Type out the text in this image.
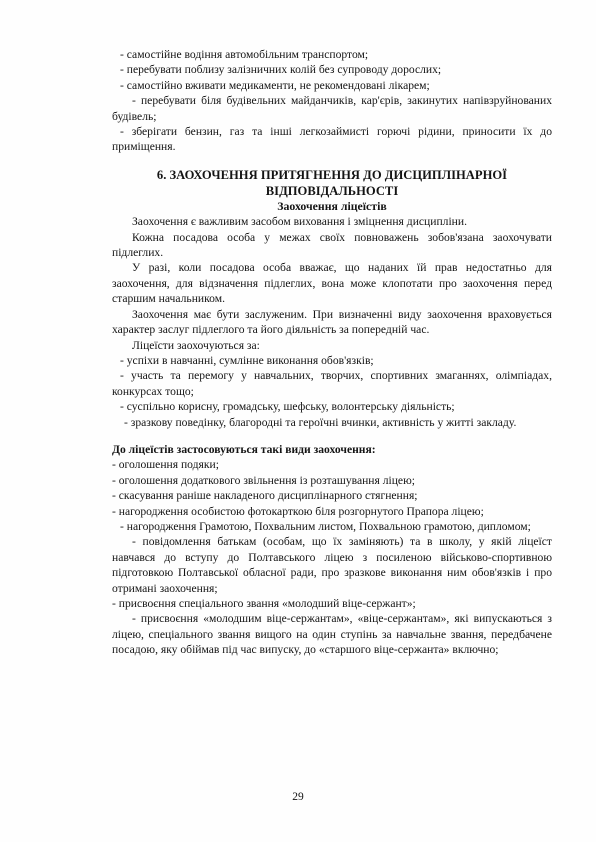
- самостійне водіння автомобільним транспортом;

- перебувати поблизу залізничних колій без супроводу дорослих;

- самостійно вживати медикаменти, не рекомендовані лікарем;

- перебувати біля будівельних майданчиків, кар'єрів, закинутих напівзруйнованих будівель;

- зберігати бензин, газ та інші легкозаймисті горючі рідини, приносити їх до приміщення.

6. ЗАОХОЧЕННЯ ПРИТЯГНЕННЯ ДО ДИСЦИПЛІНАРНОЇ

ВІДПОВІДАЛЬНОСТІ

Заохочення ліцеїстів

Заохочення є важливим засобом виховання і зміцнення дисципліни.

Кожна посадова особа у межах своїх повноважень зобов'язана заохочувати підлеглих.

У разі, коли посадова особа вважає, що наданих їй прав недостатньо для заохочення, для відзначення підлеглих, вона може клопотати про заохочення перед старшим начальником.

Заохочення має бути заслуженим. При визначенні виду заохочення враховується характер заслуг підлеглого та його діяльність за попередній час.

Ліцеїсти заохочуються за:

- успіхи в навчанні, сумлінне виконання обов'язків;

- участь та перемогу у навчальних, творчих, спортивних змаганнях, олімпіадах, конкурсах тощо;

- суспільно корисну, громадську, шефську, волонтерську діяльність;

- зразкову поведінку, благородні та героїчні вчинки, активність у житті закладу.

До ліцеїстів застосовуються такі види заохочення:

- оголошення подяки;

- оголошення додаткового звільнення із розташування ліцею;

- скасування раніше накладеного дисциплінарного стягнення;

- нагородження особистою фотокарткою біля розгорнутого Прапора ліцею;

- нагородження Грамотою, Похвальним листом, Похвальною грамотою, дипломом;

- повідомлення батькам (особам, що їх заміняють) та в школу, у якій ліцеїст навчався до вступу до Полтавського ліцею з посиленою військово-спортивною підготовкою Полтавської обласної ради, про зразкове виконання ним обов'язків і про отримані заохочення;

- присвоєння спеціального звання «молодший віце-сержант»;

- присвоєння «молодшим віце-сержантам», «віце-сержантам», які випускаються з ліцею, спеціального звання вищого на один ступінь за навчальне звання, передбачене посадою, яку обіймав під час випуску, до «старшого віце-сержанта» включно;

29
